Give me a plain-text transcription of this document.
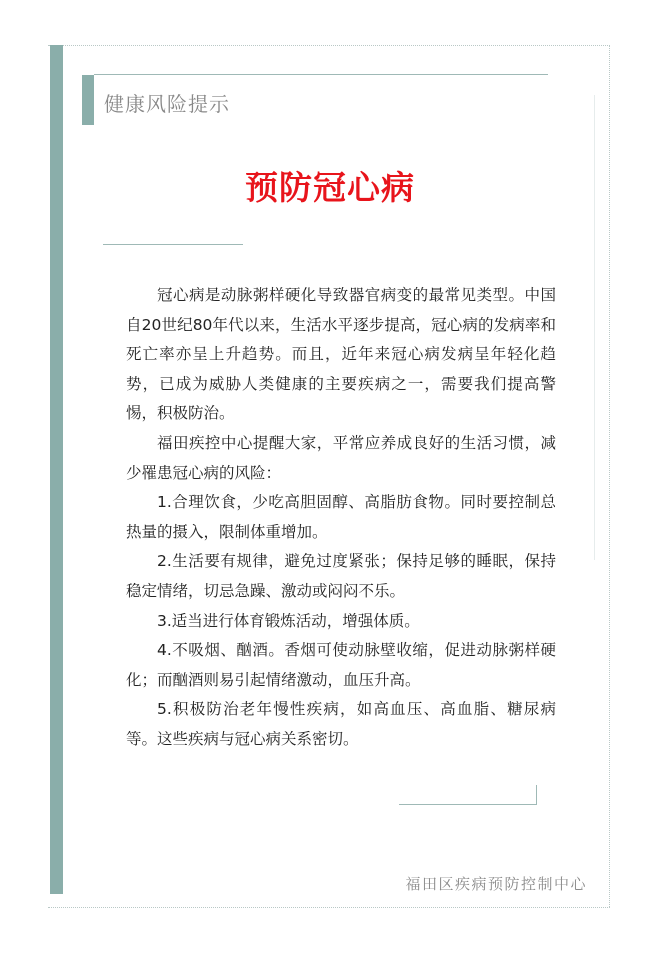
健康风险提示
预防冠心病

冠心病是动脉粥样硬化导致器官病变的最常见类型。中国自20世纪80年代以来，生活水平逐步提高，冠心病的发病率和死亡率亦呈上升趋势。而且，近年来冠心病发病呈年轻化趋势，已成为威胁人类健康的主要疾病之一，需要我们提高警惕，积极防治。

福田疾控中心提醒大家，平常应养成良好的生活习惯，减少罹患冠心病的风险：

1.合理饮食，少吃高胆固醇、高脂肪食物。同时要控制总热量的摄入，限制体重增加。

2.生活要有规律，避免过度紧张；保持足够的睡眠，保持稳定情绪，切忌急躁、激动或闷闷不乐。

3.适当进行体育锻炼活动，增强体质。

4.不吸烟、酗酒。香烟可使动脉壁收缩，促进动脉粥样硬化；而酗酒则易引起情绪激动，血压升高。

5.积极防治老年慢性疾病，如高血压、高血脂、糖尿病等。这些疾病与冠心病关系密切。

福田区疾病预防控制中心
